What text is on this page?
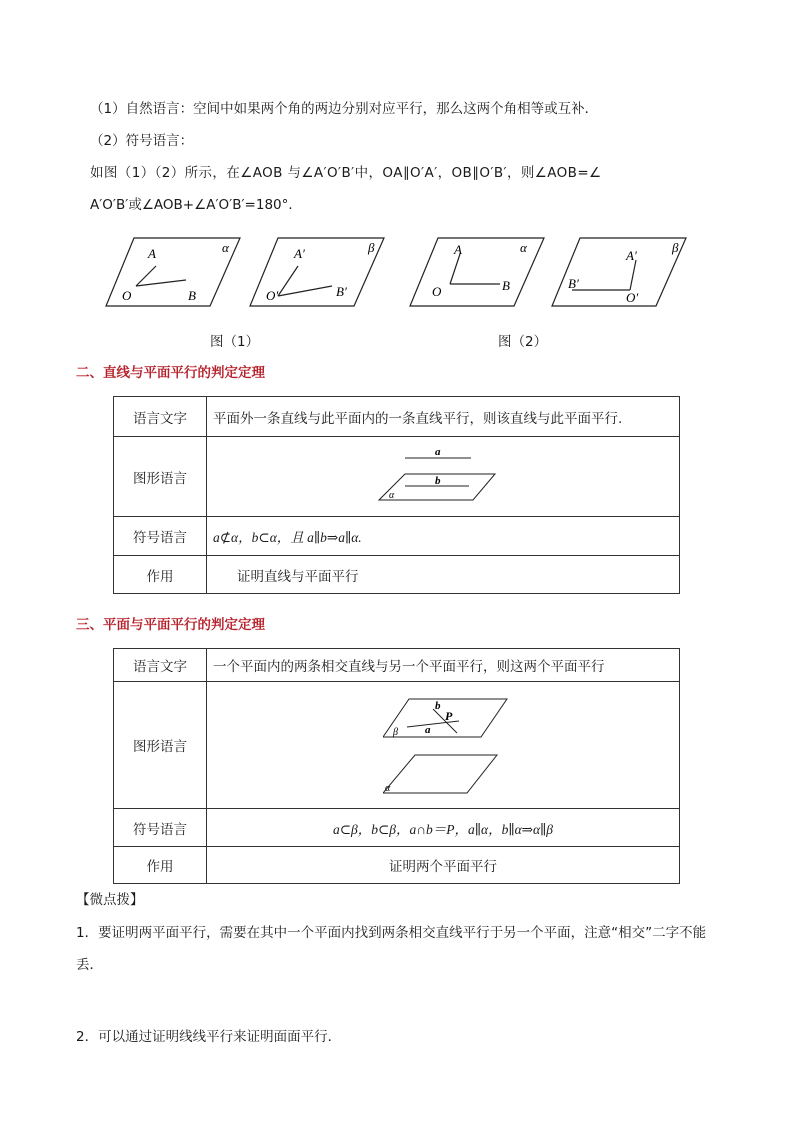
（1）自然语言：空间中如果两个角的两边分别对应平行，那么这两个角相等或互补．
（2）符号语言：
如图（1）（2）所示，在∠AOB 与∠A′O′B′中，OA∥O′A′，OB∥O′B′，则∠AOB=∠
A′O′B′或∠AOB+∠A′O′B′=180°．
A
O	B
α	A′
O′	B′
β	A
O	B
α
A′
O′
B′
β
图（1）	图（2）
二、直线与平面平行的判定定理
语言文字	平面外一条直线与此平面内的一条直线平行，则该直线与此平面平行.
图形语言	a
b
α

符号语言	a⊄α，b⊂α，且 a∥b⇒a∥α.
作用	证明直线与平面平行
三、平面与平面平行的判定定理
语言文字	一个平面内的两条相交直线与另一个平面平行，则这两个平面平行
图形语言	b
P
a
β
α

符号语言	a⊂β，b⊂β，a∩b＝P，a∥α，b∥α⇒α∥β
作用	证明两个平面平行
【微点拨】
1．要证明两平面平行，需要在其中一个平面内找到两条相交直线平行于另一个平面，注意“相交”二字不能
丢．
2．可以通过证明线线平行来证明面面平行．
